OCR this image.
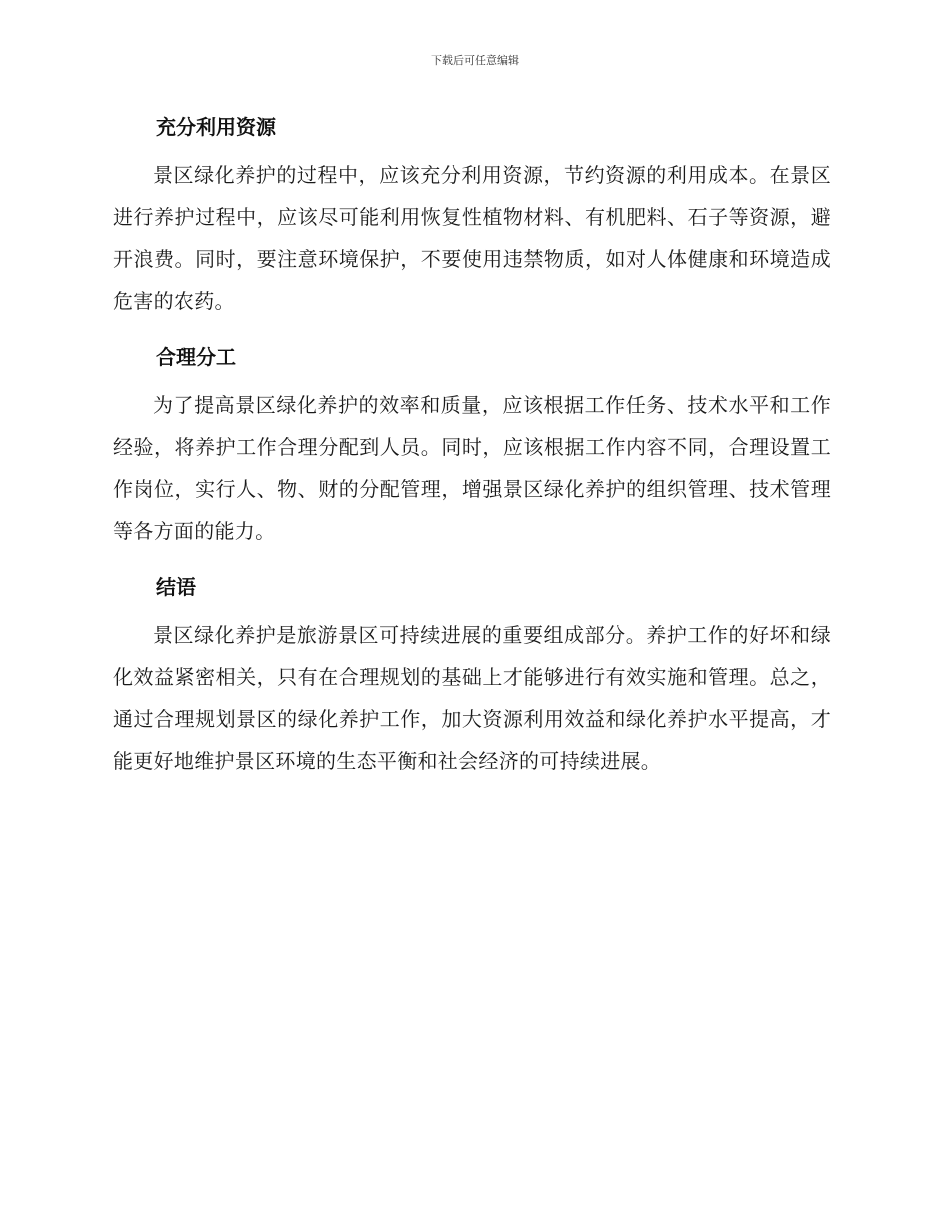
下载后可任意编辑
充分利用资源

景区绿化养护的过程中，应该充分利用资源，节约资源的利用成本。在景区进行养护过程中，应该尽可能利用恢复性植物材料、有机肥料、石子等资源，避开浪费。同时，要注意环境保护，不要使用违禁物质，如对人体健康和环境造成危害的农药。

合理分工

为了提高景区绿化养护的效率和质量，应该根据工作任务、技术水平和工作经验，将养护工作合理分配到人员。同时，应该根据工作内容不同，合理设置工作岗位，实行人、物、财的分配管理，增强景区绿化养护的组织管理、技术管理等各方面的能力。

结语

景区绿化养护是旅游景区可持续进展的重要组成部分。养护工作的好坏和绿化效益紧密相关，只有在合理规划的基础上才能够进行有效实施和管理。总之，通过合理规划景区的绿化养护工作，加大资源利用效益和绿化养护水平提高，才能更好地维护景区环境的生态平衡和社会经济的可持续进展。
